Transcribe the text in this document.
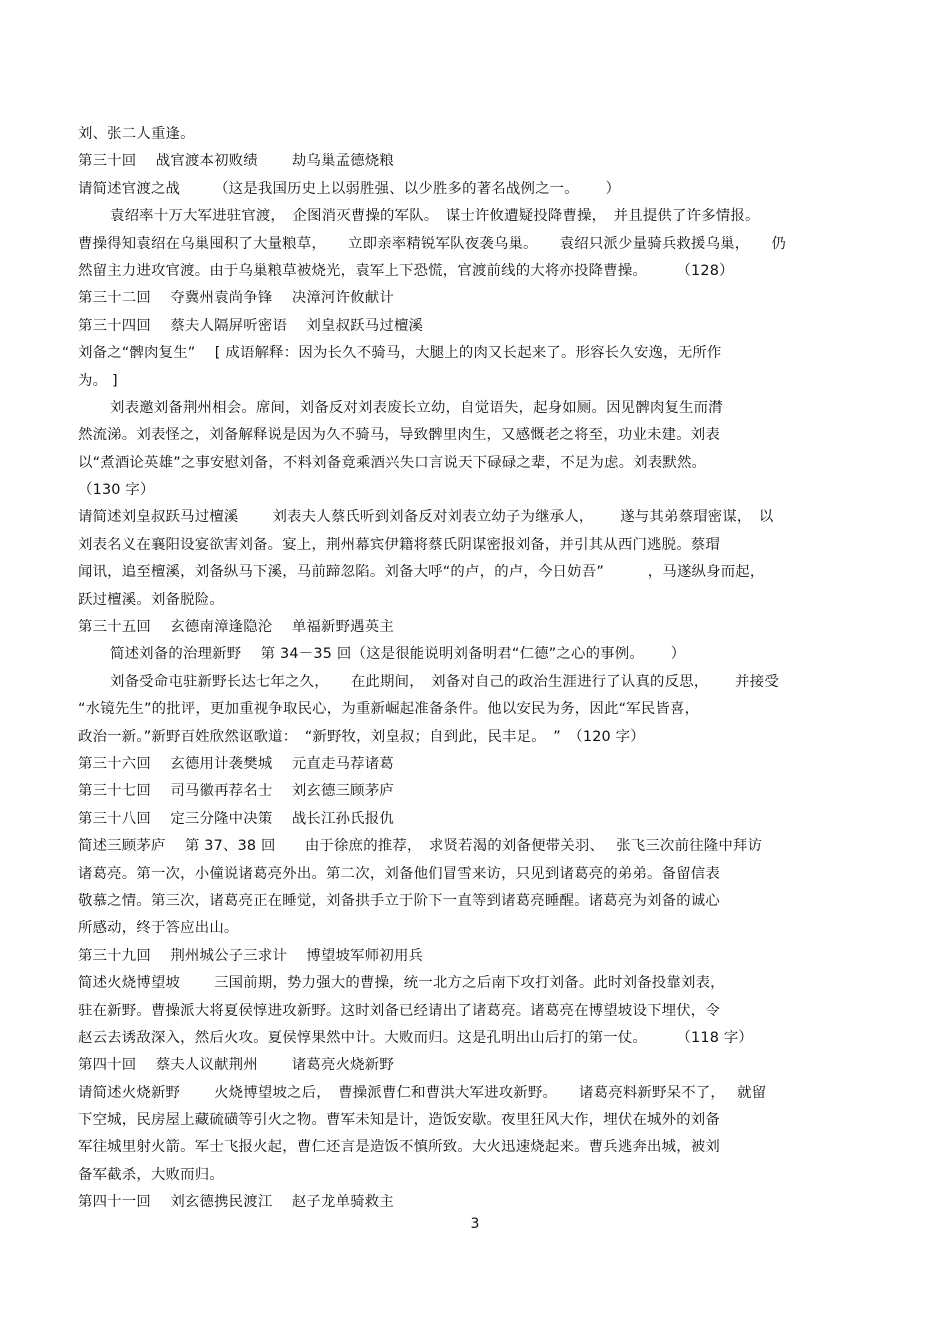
刘、张二人重逢。
第三十回　 战官渡本初败绩　　 劫乌巢孟德烧粮
请简述官渡之战　　 （这是我国历史上以弱胜强、以少胜多的著名战例之一。　　 ）
袁绍率十万大军进驻官渡，　企图消灭曹操的军队。　谋士许攸遭疑投降曹操，　并且提供了许多情报。
曹操得知袁绍在乌巢囤积了大量粮草，　　立即亲率精锐军队夜袭乌巢。　　袁绍只派少量骑兵救援乌巢，　　仍
然留主力进攻官渡。由于乌巢粮草被烧光，袁军上下恐慌，官渡前线的大将亦投降曹操。　　　（128）
第三十二回　 夺冀州袁尚争锋　 决漳河许攸献计
第三十四回　 蔡夫人隔屏听密语　 刘皇叔跃马过檀溪
刘备之“髀肉复生”　 [ 成语解释：因为长久不骑马，大腿上的肉又长起来了。形容长久安逸，无所作
为。 ]
刘表邀刘备荆州相会。席间，刘备反对刘表废长立幼，自觉语失，起身如厕。因见髀肉复生而潸
然流涕。刘表怪之，刘备解释说是因为久不骑马，导致髀里肉生，又感慨老之将至，功业未建。刘表
以“煮酒论英雄”之事安慰刘备，不料刘备竟乘酒兴失口言说天下碌碌之辈，不足为虑。刘表默然。
（130 字）
请简述刘皇叔跃马过檀溪　　 刘表夫人蔡氏听到刘备反对刘表立幼子为继承人，　　 遂与其弟蔡瑁密谋，　以
刘表名义在襄阳设宴欲害刘备。宴上，荆州幕宾伊籍将蔡氏阴谋密报刘备，并引其从西门逃脱。蔡瑁
闻讯，追至檀溪，刘备纵马下溪，马前蹄忽陷。刘备大呼“的卢，的卢，今日妨吾”　　　，马遂纵身而起，
跃过檀溪。刘备脱险。
第三十五回　 玄德南漳逢隐沦　 单福新野遇英主
简述刘备的治理新野　 第 34－35 回（这是很能说明刘备明君“仁德”之心的事例。　　 ）
刘备受命屯驻新野长达七年之久，　　在此期间，　刘备对自己的政治生涯进行了认真的反思，　　 并接受
“水镜先生”的批评，更加重视争取民心，为重新崛起准备条件。他以安民为务，因此“军民皆喜，
政治一新。”新野百姓欣然讴歌道：　“新野牧，刘皇叔；自到此，民丰足。　”　（120 字）
第三十六回　 玄德用计袭樊城　 元直走马荐诸葛
第三十七回　 司马徽再荐名士　 刘玄德三顾茅庐
第三十八回　 定三分隆中决策　 战长江孙氏报仇
简述三顾茅庐　 第 37、38 回　　由于徐庶的推荐，　求贤若渴的刘备便带关羽、　 张飞三次前往隆中拜访
诸葛亮。第一次，小僮说诸葛亮外出。第二次，刘备他们冒雪来访，只见到诸葛亮的弟弟。备留信表
敬慕之情。第三次，诸葛亮正在睡觉，刘备拱手立于阶下一直等到诸葛亮睡醒。诸葛亮为刘备的诚心
所感动，终于答应出山。
第三十九回　 荆州城公子三求计　 博望坡军师初用兵
简述火烧博望坡　　 三国前期，势力强大的曹操，统一北方之后南下攻打刘备。此时刘备投靠刘表，
驻在新野。曹操派大将夏侯惇进攻新野。这时刘备已经请出了诸葛亮。诸葛亮在博望坡设下埋伏，令
赵云去诱敌深入，然后火攻。夏侯惇果然中计。大败而归。这是孔明出山后打的第一仗。　　　（118 字）
第四十回　 蔡夫人议献荆州　　 诸葛亮火烧新野
请简述火烧新野　　 火烧博望坡之后，　曹操派曹仁和曹洪大军进攻新野。　　诸葛亮料新野呆不了，　 就留
下空城，民房屋上藏硫磺等引火之物。曹军未知是计，造饭安歇。夜里狂风大作，埋伏在城外的刘备
军往城里射火箭。军士飞报火起，曹仁还言是造饭不慎所致。大火迅速烧起来。曹兵逃奔出城，被刘
备军截杀，大败而归。
第四十一回　 刘玄德携民渡江　 赵子龙单骑救主
3
